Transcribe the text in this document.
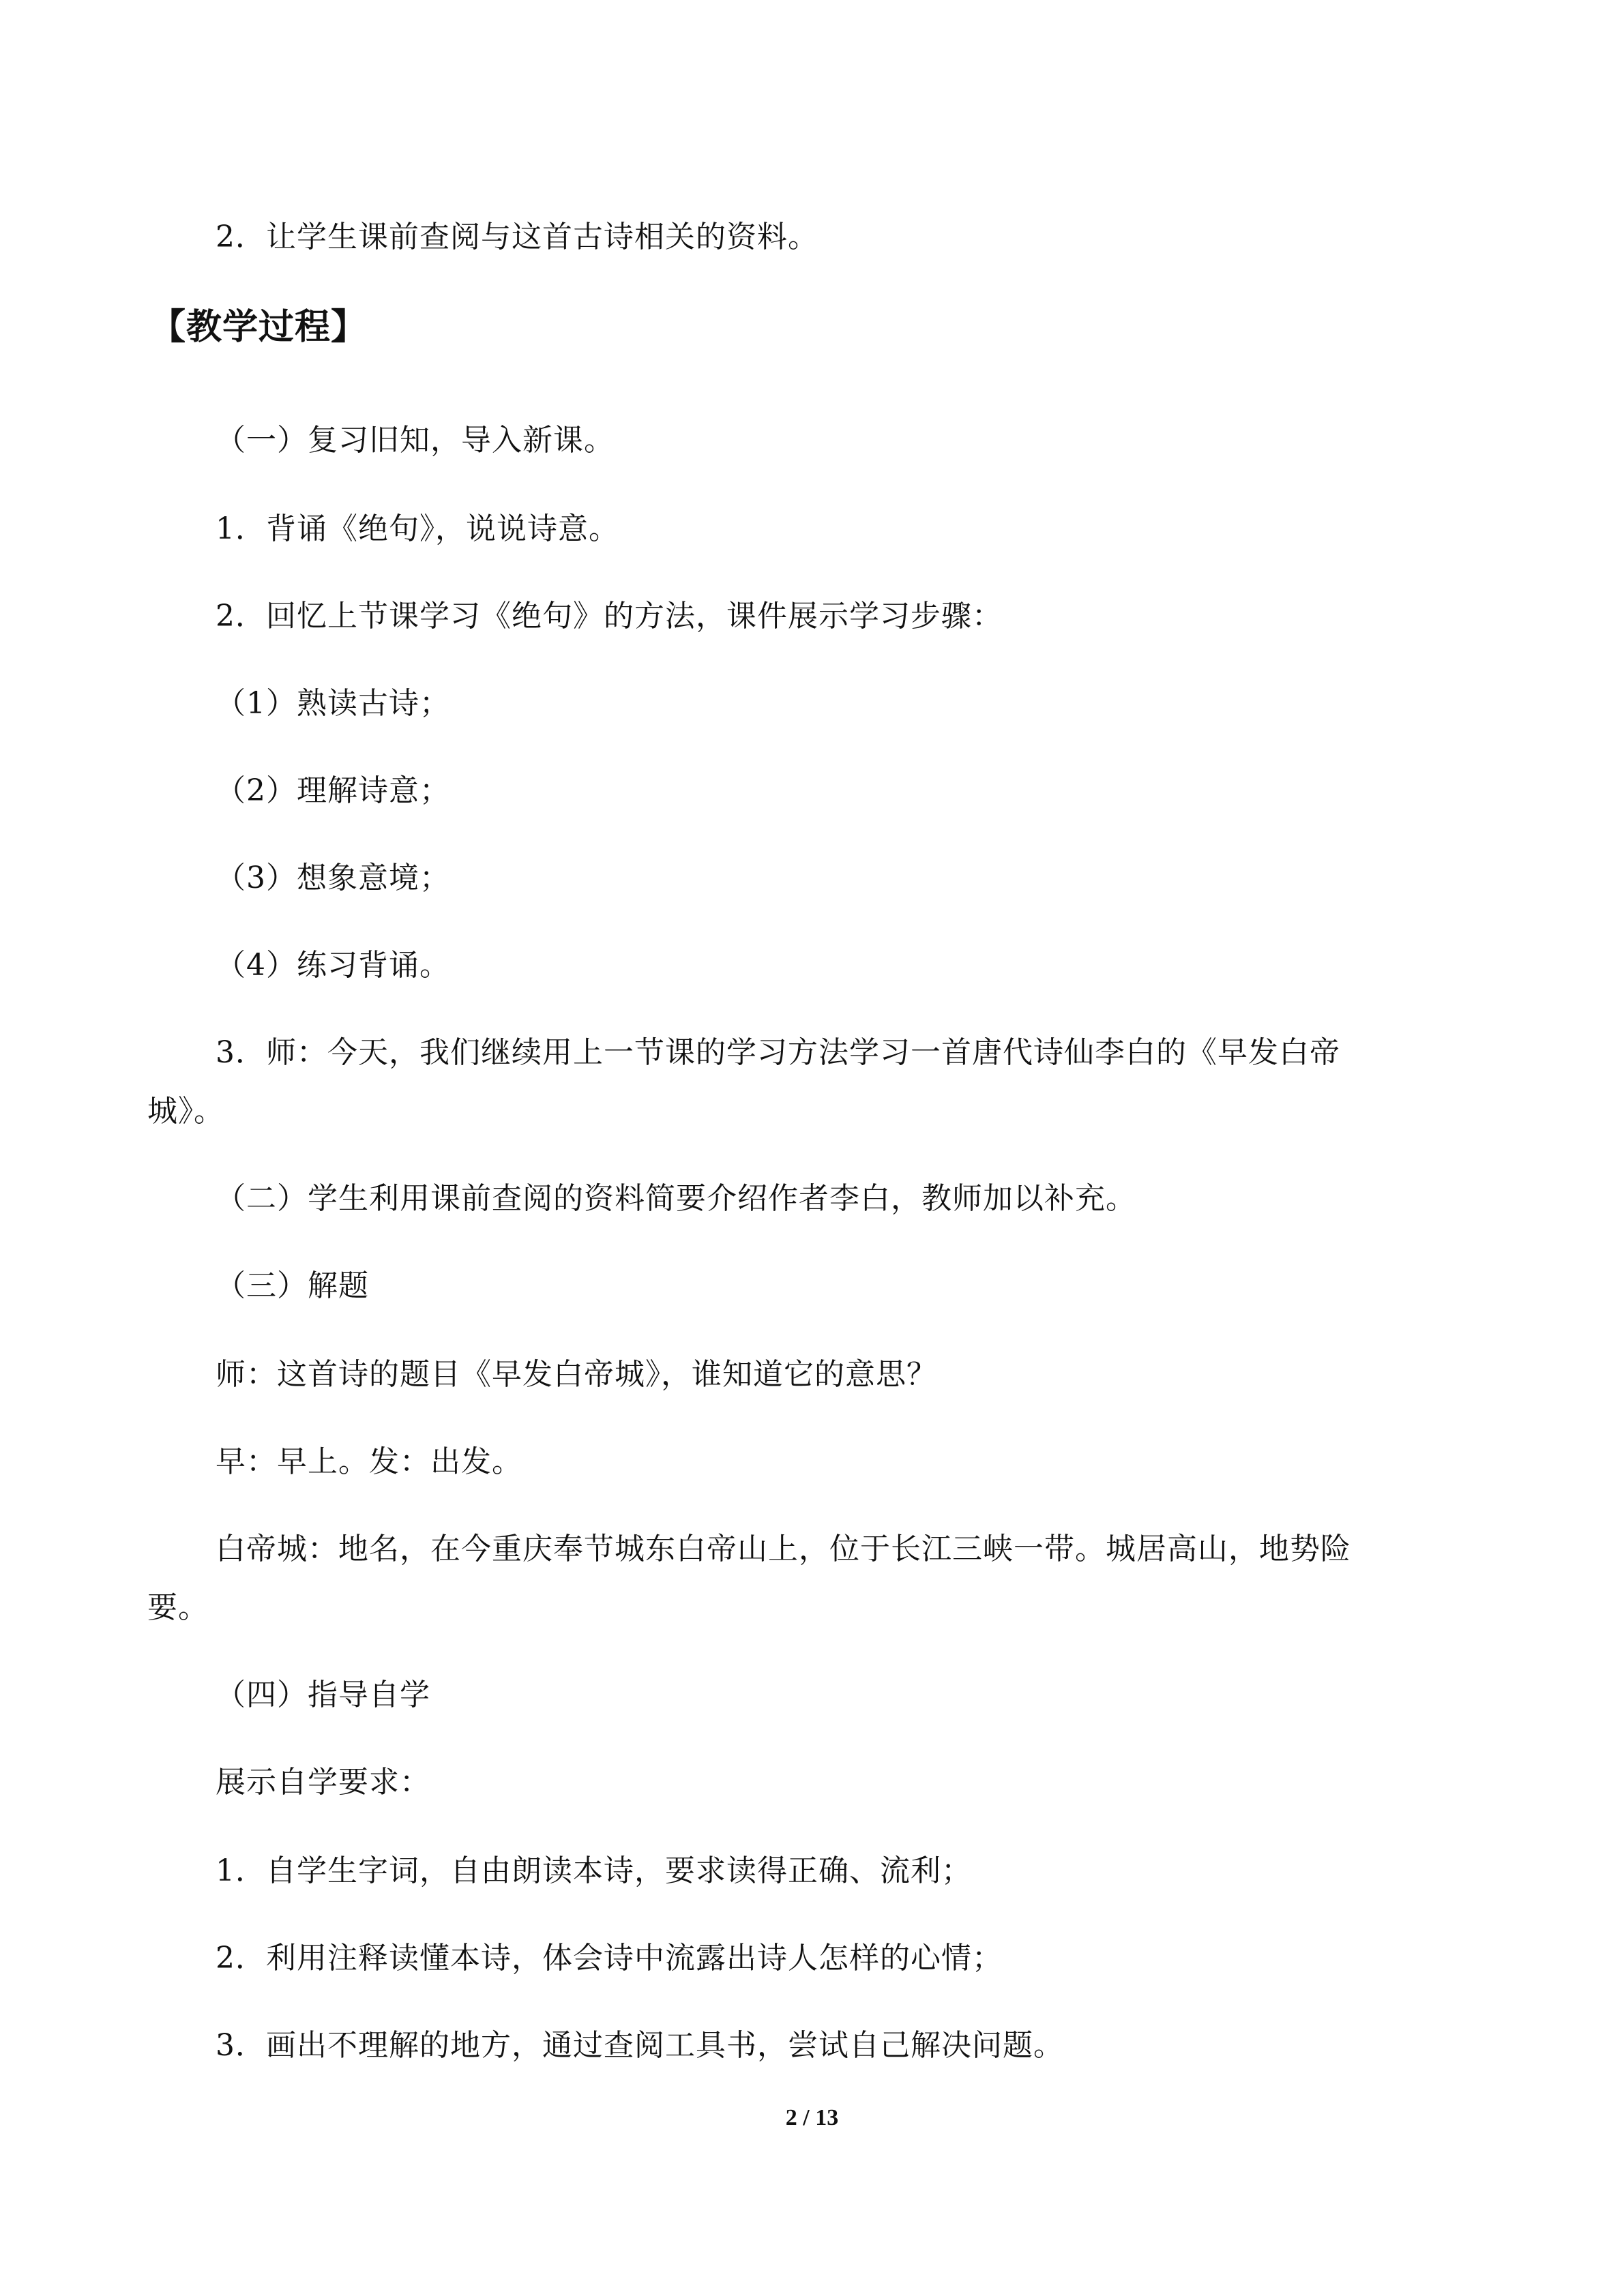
2．让学生课前查阅与这首古诗相关的资料。
【教学过程】
（一）复习旧知，导入新课。
1．背诵《绝句》，说说诗意。
2．回忆上节课学习《绝句》的方法，课件展示学习步骤：
（1）熟读古诗；
（2）理解诗意；
（3）想象意境；
（4）练习背诵。
3．师：今天，我们继续用上一节课的学习方法学习一首唐代诗仙李白的《早发白帝
城》。
（二）学生利用课前查阅的资料简要介绍作者李白，教师加以补充。
（三）解题
师：这首诗的题目《早发白帝城》，谁知道它的意思？
早：早上。发：出发。
白帝城：地名，在今重庆奉节城东白帝山上，位于长江三峡一带。城居高山，地势险
要。
（四）指导自学
展示自学要求：
1．自学生字词，自由朗读本诗，要求读得正确、流利；
2．利用注释读懂本诗，体会诗中流露出诗人怎样的心情；
3．画出不理解的地方，通过查阅工具书，尝试自己解决问题。
2 / 13
